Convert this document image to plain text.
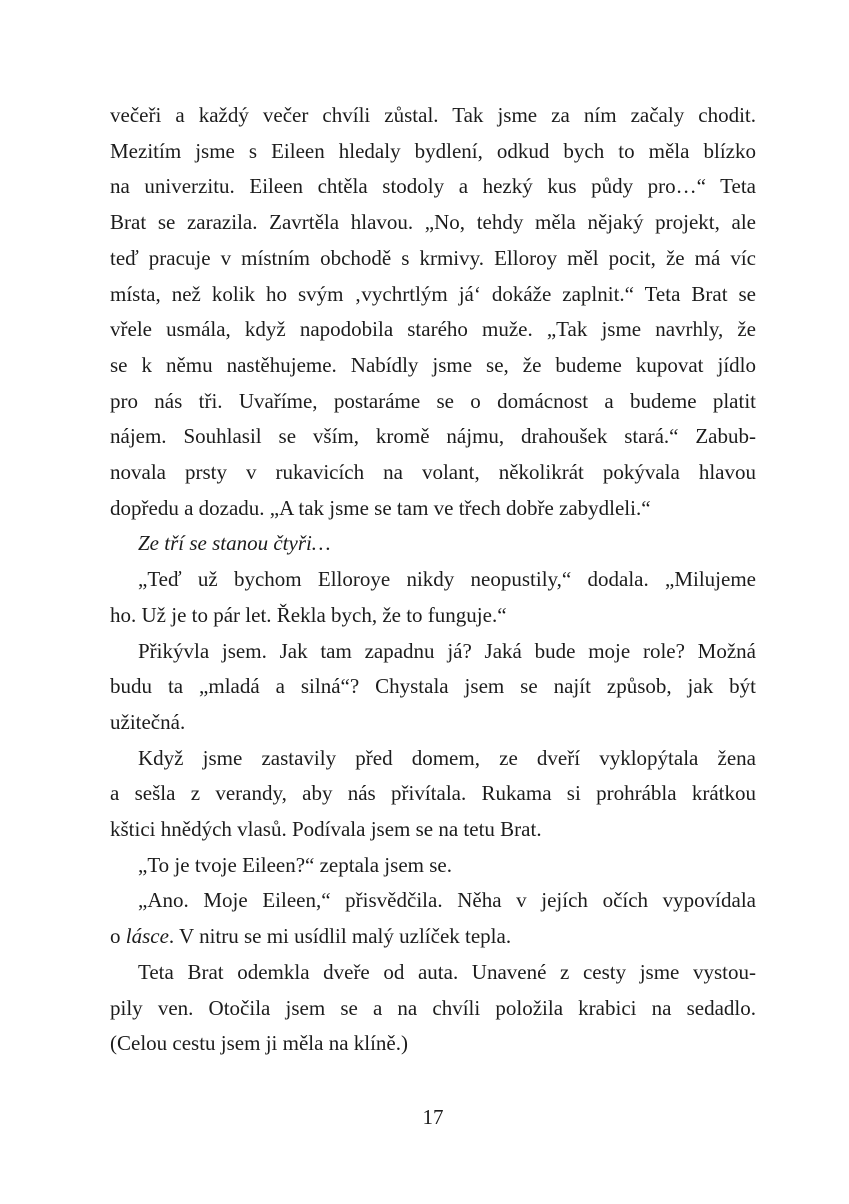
večeři a každý večer chvíli zůstal. Tak jsme za ním začaly chodit.
Mezitím jsme s Eileen hledaly bydlení, odkud bych to měla blízko
na univerzitu. Eileen chtěla stodoly a hezký kus půdy pro…“ Teta
Brat se zarazila. Zavrtěla hlavou. „No, tehdy měla nějaký projekt, ale
teď pracuje v místním obchodě s krmivy. Elloroy měl pocit, že má víc
místa, než kolik ho svým ‚vychrtlým já‘ dokáže zaplnit.“ Teta Brat se
vřele usmála, když napodobila starého muže. „Tak jsme navrhly, že
se k němu nastěhujeme. Nabídly jsme se, že budeme kupovat jídlo
pro nás tři. Uvaříme, postaráme se o domácnost a budeme platit
nájem. Souhlasil se vším, kromě nájmu, drahoušek stará.“ Zabub-
novala prsty v rukavicích na volant, několikrát pokývala hlavou
dopředu a dozadu. „A tak jsme se tam ve třech dobře zabydleli.“

Ze tří se stanou čtyři…

„Teď už bychom Elloroye nikdy neopustily,“ dodala. „Milujeme
ho. Už je to pár let. Řekla bych, že to funguje.“

Přikývla jsem. Jak tam zapadnu já? Jaká bude moje role? Možná
budu ta „mladá a silná“? Chystala jsem se najít způsob, jak být
užitečná.

Když jsme zastavily před domem, ze dveří vyklopýtala žena
a sešla z verandy, aby nás přivítala. Rukama si prohrábla krátkou
kštici hnědých vlasů. Podívala jsem se na tetu Brat.

„To je tvoje Eileen?“ zeptala jsem se.

„Ano. Moje Eileen,“ přisvědčila. Něha v jejích očích vypovídala
o lásce. V nitru se mi usídlil malý uzlíček tepla.

Teta Brat odemkla dveře od auta. Unavené z cesty jsme vystou-
pily ven. Otočila jsem se a na chvíli položila krabici na sedadlo.
(Celou cestu jsem ji měla na klíně.)

17
